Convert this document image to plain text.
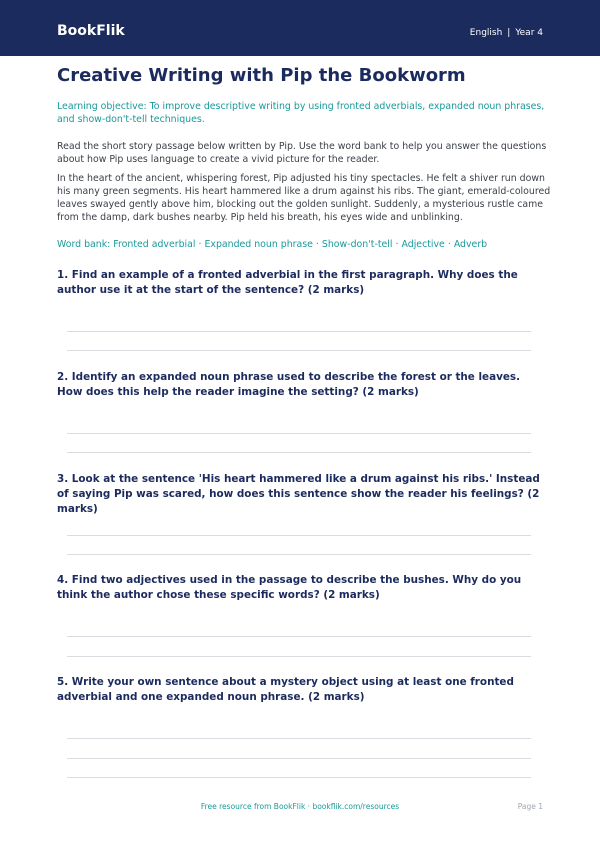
BookFlik	English | Year 4
Creative Writing with Pip the Bookworm

Learning objective: To improve descriptive writing by using fronted adverbials, expanded noun phrases, and show-don't-tell techniques.

Read the short story passage below written by Pip. Use the word bank to help you answer the questions about how Pip uses language to create a vivid picture for the reader.

In the heart of the ancient, whispering forest, Pip adjusted his tiny spectacles. He felt a shiver run down his many green segments. His heart hammered like a drum against his ribs. The giant, emerald-coloured leaves swayed gently above him, blocking out the golden sunlight. Suddenly, a mysterious rustle came from the damp, dark bushes nearby. Pip held his breath, his eyes wide and unblinking.

Word bank: Fronted adverbial · Expanded noun phrase · Show-don't-tell · Adjective · Adverb

1. Find an example of a fronted adverbial in the first paragraph. Why does the author use it at the start of the sentence? (2 marks)

2. Identify an expanded noun phrase used to describe the forest or the leaves. How does this help the reader imagine the setting? (2 marks)

3. Look at the sentence 'His heart hammered like a drum against his ribs.' Instead of saying Pip was scared, how does this sentence show the reader his feelings? (2 marks)

4. Find two adjectives used in the passage to describe the bushes. Why do you think the author chose these specific words? (2 marks)

5. Write your own sentence about a mystery object using at least one fronted adverbial and one expanded noun phrase. (2 marks)

Free resource from BookFlik · bookflik.com/resources	Page 1
